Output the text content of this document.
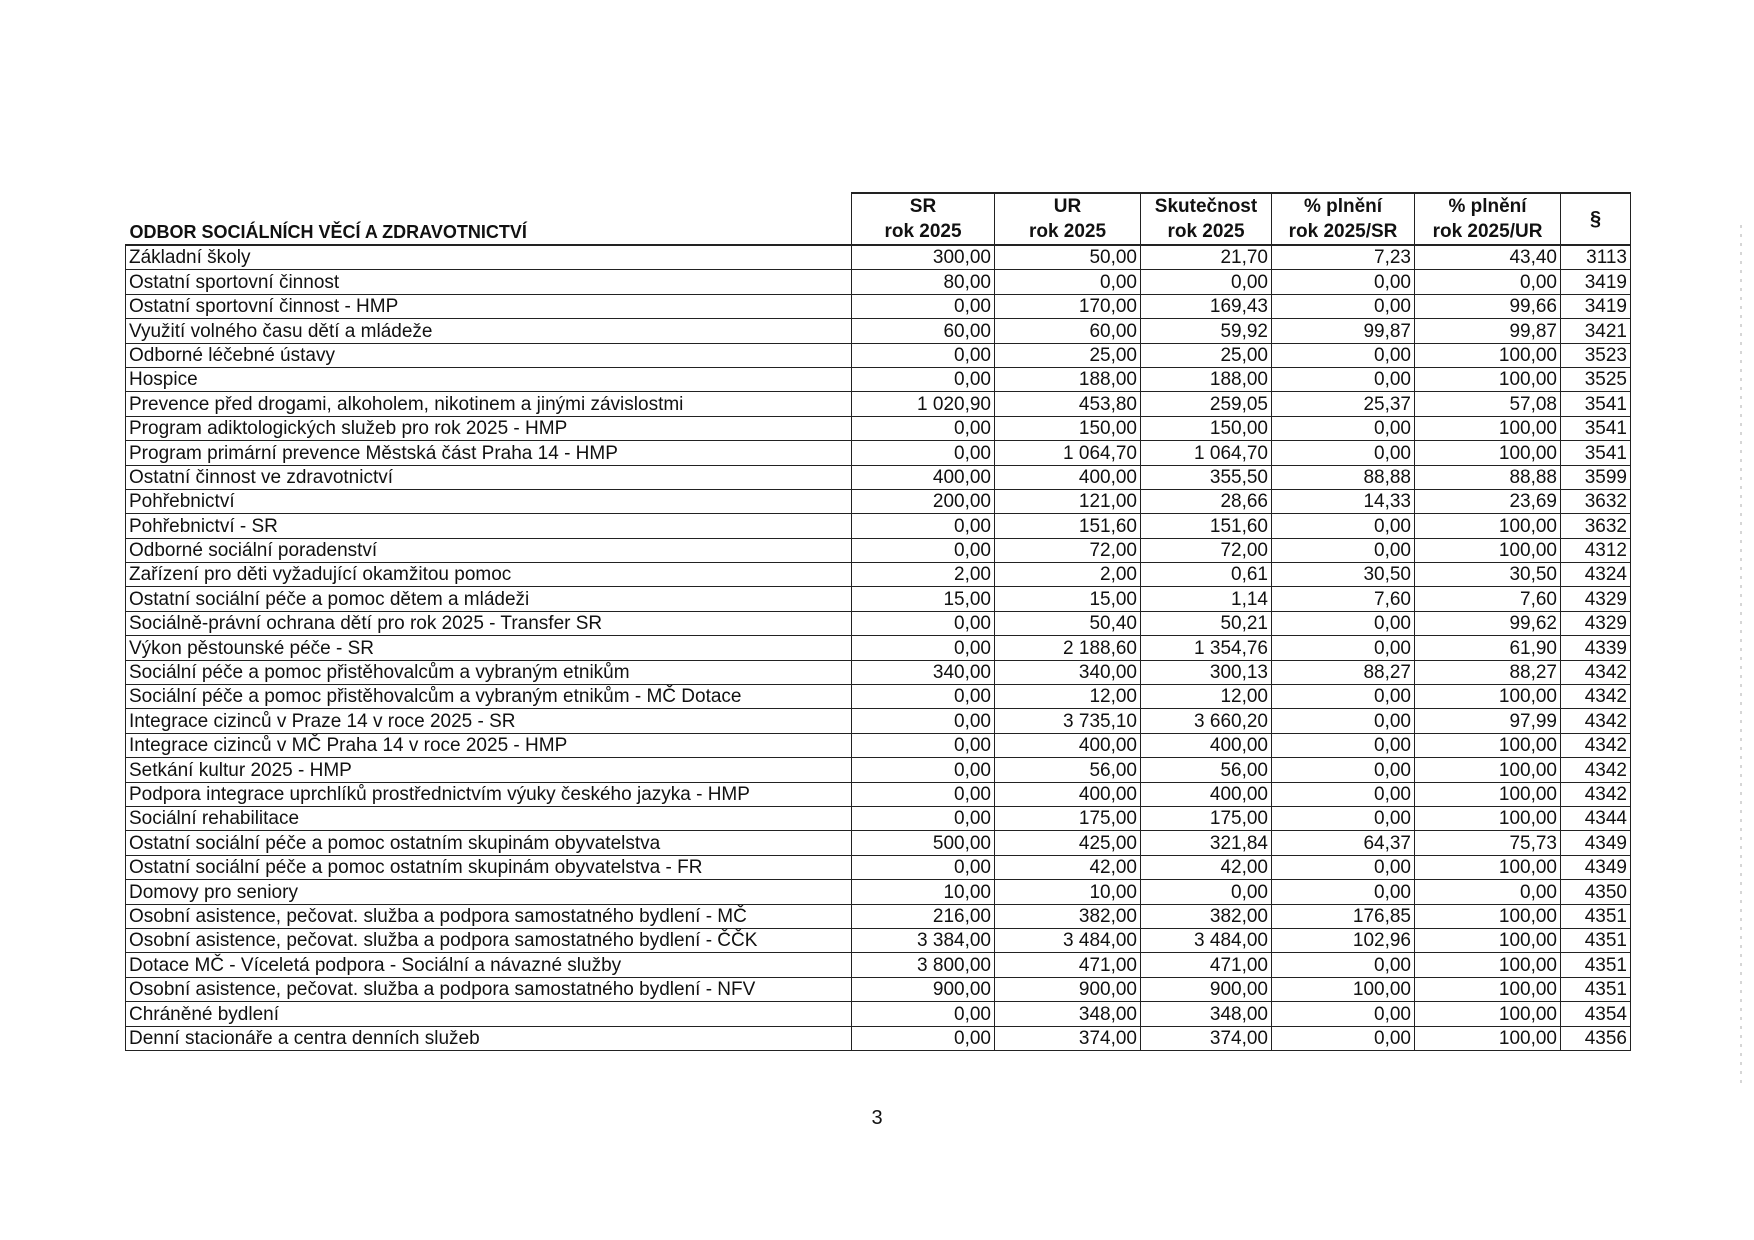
	SR	UR	Skutečnost	% plnění	% plnění	§
ODBOR SOCIÁLNÍCH VĚCÍ A ZDRAVOTNICTVÍ	rok 2025	rok 2025	rok 2025	rok 2025/SR	rok 2025/UR	
Základní školy	300,00	50,00	21,70	7,23	43,40	3113
Ostatní sportovní činnost	80,00	0,00	0,00	0,00	0,00	3419
Ostatní sportovní činnost - HMP	0,00	170,00	169,43	0,00	99,66	3419
Využití volného času dětí a mládeže	60,00	60,00	59,92	99,87	99,87	3421
Odborné léčebné ústavy	0,00	25,00	25,00	0,00	100,00	3523
Hospice	0,00	188,00	188,00	0,00	100,00	3525
Prevence před drogami, alkoholem, nikotinem a jinými závislostmi	1 020,90	453,80	259,05	25,37	57,08	3541
Program adiktologických služeb pro rok 2025 - HMP	0,00	150,00	150,00	0,00	100,00	3541
Program primární prevence Městská část Praha 14 - HMP	0,00	1 064,70	1 064,70	0,00	100,00	3541
Ostatní činnost ve zdravotnictví	400,00	400,00	355,50	88,88	88,88	3599
Pohřebnictví	200,00	121,00	28,66	14,33	23,69	3632
Pohřebnictví - SR	0,00	151,60	151,60	0,00	100,00	3632
Odborné sociální poradenství	0,00	72,00	72,00	0,00	100,00	4312
Zařízení pro děti vyžadující okamžitou pomoc	2,00	2,00	0,61	30,50	30,50	4324
Ostatní sociální péče a pomoc dětem a mládeži	15,00	15,00	1,14	7,60	7,60	4329
Sociálně-právní ochrana dětí pro rok 2025 - Transfer SR	0,00	50,40	50,21	0,00	99,62	4329
Výkon pěstounské péče - SR	0,00	2 188,60	1 354,76	0,00	61,90	4339
Sociální péče a pomoc přistěhovalcům a vybraným etnikům	340,00	340,00	300,13	88,27	88,27	4342
Sociální péče a pomoc přistěhovalcům a vybraným etnikům - MČ Dotace	0,00	12,00	12,00	0,00	100,00	4342
Integrace cizinců v Praze 14 v roce 2025 - SR	0,00	3 735,10	3 660,20	0,00	97,99	4342
Integrace cizinců v MČ Praha 14 v roce 2025 - HMP	0,00	400,00	400,00	0,00	100,00	4342
Setkání kultur 2025 - HMP	0,00	56,00	56,00	0,00	100,00	4342
Podpora integrace uprchlíků prostřednictvím výuky českého jazyka - HMP	0,00	400,00	400,00	0,00	100,00	4342
Sociální rehabilitace	0,00	175,00	175,00	0,00	100,00	4344
Ostatní sociální péče a pomoc ostatním skupinám obyvatelstva	500,00	425,00	321,84	64,37	75,73	4349
Ostatní sociální péče a pomoc ostatním skupinám obyvatelstva - FR	0,00	42,00	42,00	0,00	100,00	4349
Domovy pro seniory	10,00	10,00	0,00	0,00	0,00	4350
Osobní asistence, pečovat. služba a podpora samostatného bydlení - MČ	216,00	382,00	382,00	176,85	100,00	4351
Osobní asistence, pečovat. služba a podpora samostatného bydlení - ČČK	3 384,00	3 484,00	3 484,00	102,96	100,00	4351
Dotace MČ - Víceletá podpora - Sociální a návazné služby	3 800,00	471,00	471,00	0,00	100,00	4351
Osobní asistence, pečovat. služba a podpora samostatného bydlení - NFV	900,00	900,00	900,00	100,00	100,00	4351
Chráněné bydlení	0,00	348,00	348,00	0,00	100,00	4354
Denní stacionáře a centra denních služeb	0,00	374,00	374,00	0,00	100,00	4356
3
